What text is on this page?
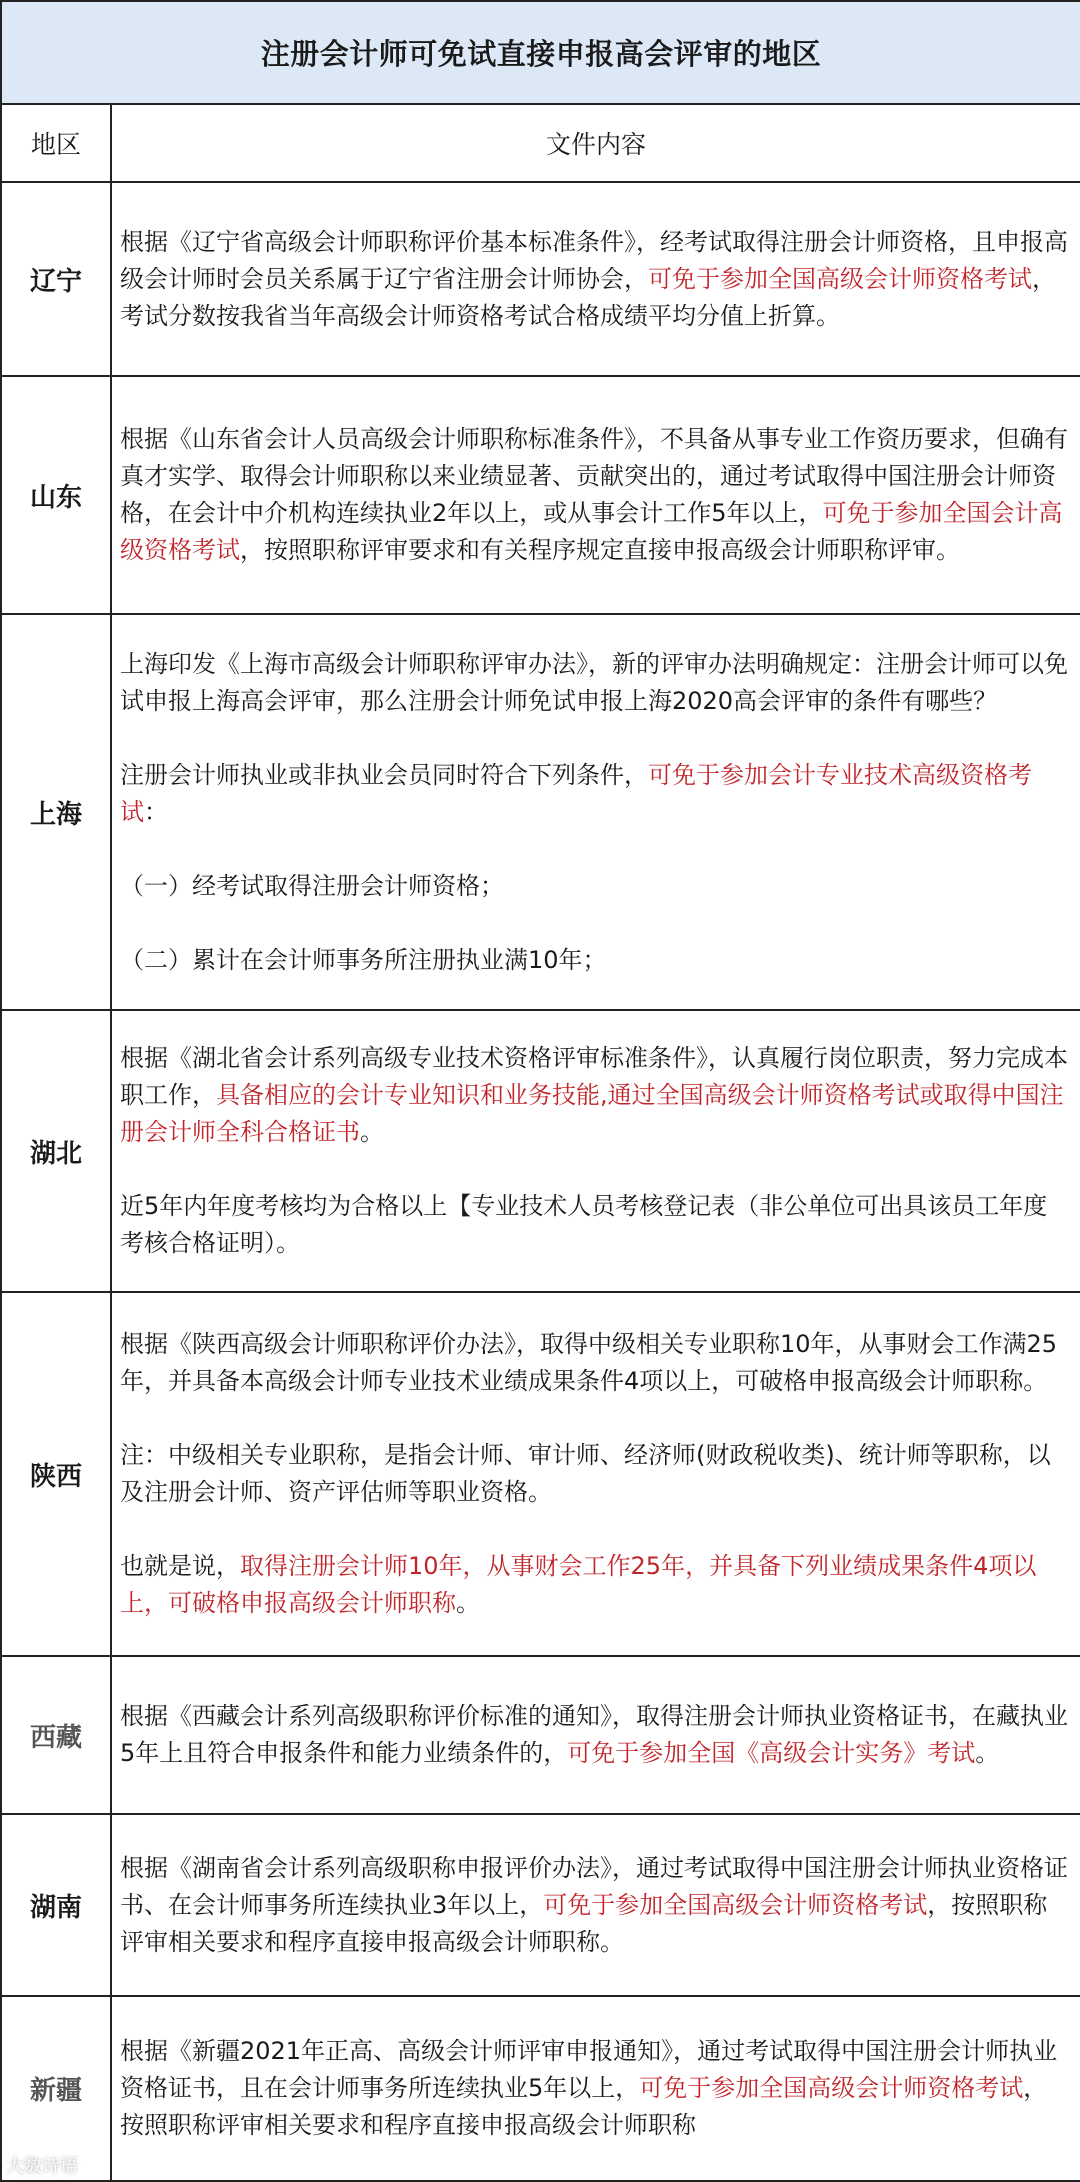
注册会计师可免试直接申报高会评审的地区	
地区	文件内容
辽宁	根据《辽宁省高级会计师职称评价基本标准条件》，经考试取得注册会计师资格，且申报高级会计师时会员关系属于辽宁省注册会计师协会，可免于参加全国高级会计师资格考试，考试分数按我省当年高级会计师资格考试合格成绩平均分值上折算。

山东	根据《山东省会计人员高级会计师职称标准条件》，不具备从事专业工作资历要求，但确有真才实学、取得会计师职称以来业绩显著、贡献突出的，通过考试取得中国注册会计师资格，在会计中介机构连续执业2年以上，或从事会计工作5年以上，可免于参加全国会计高级资格考试，按照职称评审要求和有关程序规定直接申报高级会计师职称评审。

上海	上海印发《上海市高级会计师职称评审办法》，新的评审办法明确规定：注册会计师可以免试申报上海高会评审，那么注册会计师免试申报上海2020高会评审的条件有哪些？

注册会计师执业或非执业会员同时符合下列条件，可免于参加会计专业技术高级资格考试：

（一）经考试取得注册会计师资格；

（二）累计在会计师事务所注册执业满10年；

湖北	根据《湖北省会计系列高级专业技术资格评审标准条件》，认真履行岗位职责，努力完成本职工作，具备相应的会计专业知识和业务技能,通过全国高级会计师资格考试或取得中国注册会计师全科合格证书。

近5年内年度考核均为合格以上【专业技术人员考核登记表（非公单位可出具该员工年度考核合格证明）。

陕西	根据《陕西高级会计师职称评价办法》，取得中级相关专业职称10年，从事财会工作满25年，并具备本高级会计师专业技术业绩成果条件4项以上，可破格申报高级会计师职称。

注：中级相关专业职称，是指会计师、审计师、经济师(财政税收类)、统计师等职称，以及注册会计师、资产评估师等职业资格。

也就是说，取得注册会计师10年，从事财会工作25年，并具备下列业绩成果条件4项以上，可破格申报高级会计师职称。

西藏	根据《西藏会计系列高级职称评价标准的通知》，取得注册会计师执业资格证书，在藏执业5年上且符合申报条件和能力业绩条件的，可免于参加全国《高级会计实务》考试。

湖南	根据《湖南省会计系列高级职称申报评价办法》，通过考试取得中国注册会计师执业资格证书、在会计师事务所连续执业3年以上，可免于参加全国高级会计师资格考试，按照职称评审相关要求和程序直接申报高级会计师职称。

新疆	根据《新疆2021年正高、高级会计师评审申报通知》，通过考试取得中国注册会计师执业资格证书，且在会计师事务所连续执业5年以上，可免于参加全国高级会计师资格考试，按照职称评审相关要求和程序直接申报高级会计师职称

大数诗语
